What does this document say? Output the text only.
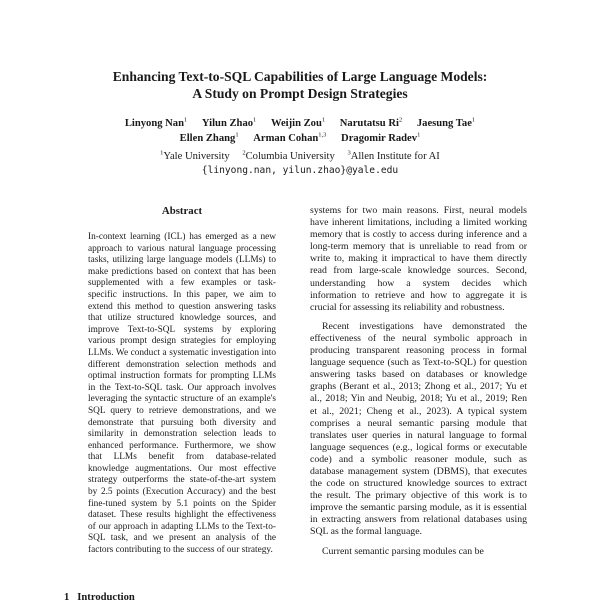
Enhancing Text-to-SQL Capabilities of Large Language Models:
A Study on Prompt Design Strategies
Linyong Nan$^1$ Yilun Zhao$^1$ Weijin Zou$^1$ Narutatsu Ri$^2$ Jaesung Tae$^1$
Ellen Zhang$^1$ Arman Cohan$^{1,3}$ Dragomir Radev$^1$
$^1$Yale University $^2$Columbia University $^3$Allen Institute for AI
{linyong.nan, yilun.zhao}@yale.edu
Abstract
In-context learning (ICL) has emerged as a new approach to various natural language processing tasks, utilizing large language models (LLMs) to make predictions based on context that has been supplemented with a few examples or task-specific instructions. In this paper, we aim to extend this method to question answering tasks that utilize structured knowledge sources, and improve Text-to-SQL systems by exploring various prompt design strategies for employing LLMs. We conduct a systematic investigation into different demonstration selection methods and optimal instruction formats for prompting LLMs in the Text-to-SQL task. Our approach involves leveraging the syntactic structure of an example's SQL query to retrieve demonstrations, and we demonstrate that pursuing both diversity and similarity in demonstration selection leads to enhanced performance. Furthermore, we show that LLMs benefit from database-related knowledge augmentations. Our most effective strategy outperforms the state-of-the-art system by 2.5 points (Execution Accuracy) and the best fine-tuned system by 5.1 points on the Spider dataset. These results highlight the effectiveness of our approach in adapting LLMs to the Text-to-SQL task, and we present an analysis of the factors contributing to the success of our strategy.

systems for two main reasons. First, neural models have inherent limitations, including a limited working memory that is costly to access during inference and a long-term memory that is unreliable to read from or write to, making it impractical to have them directly read from large-scale knowledge sources. Second, understanding how a system decides which information to retrieve and how to aggregate it is crucial for assessing its reliability and robustness.

Recent investigations have demonstrated the effectiveness of the neural symbolic approach in producing transparent reasoning process in formal language sequence (such as Text-to-SQL) for question answering tasks based on databases or knowledge graphs (Berant et al., 2013; Zhong et al., 2017; Yu et al., 2018; Yin and Neubig, 2018; Yu et al., 2019; Ren et al., 2021; Cheng et al., 2023). A typical system comprises a neural semantic parsing module that translates user queries in natural language to formal language sequences (e.g., logical forms or executable code) and a symbolic reasoner module, such as database management system (DBMS), that executes the code on structured knowledge sources to extract the result. The primary objective of this work is to improve the semantic parsing module, as it is essential in extracting answers from relational databases using SQL as the formal language.

Current semantic parsing modules can be

1 Introduction
